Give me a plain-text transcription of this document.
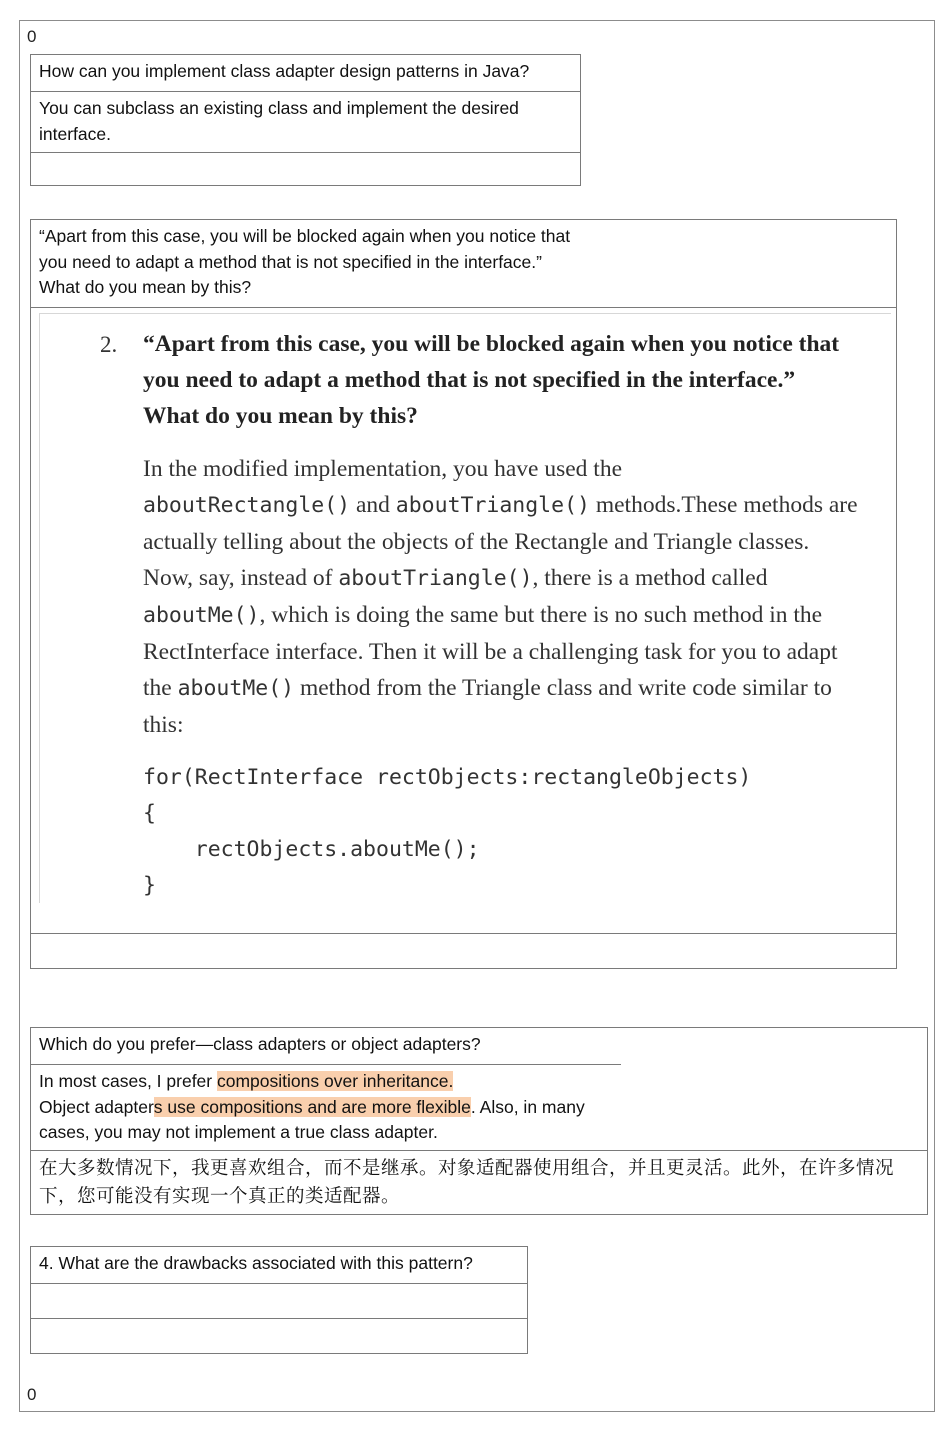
0
How can you implement class adapter design patterns in Java?
You can subclass an existing class and implement the desired interface.
“Apart from this case, you will be blocked again when you notice that you need to adapt a method that is not specified in the interface.” What do you mean by this?
2. “Apart from this case, you will be blocked again when you notice that you need to adapt a method that is not specified in the interface.” What do you mean by this?
In the modified implementation, you have used the
aboutRectangle() and aboutTriangle() methods.These methods are actually telling about the objects of the Rectangle and Triangle classes. Now, say, instead of aboutTriangle(), there is a method called aboutMe(), which is doing the same but there is no such method in the RectInterface interface. Then it will be a challenging task for you to adapt the aboutMe() method from the Triangle class and write code similar to this:
for(RectInterface rectObjects:rectangleObjects)
{
rectObjects.aboutMe();
}
Which do you prefer—class adapters or object adapters?
In most cases, I prefer compositions over inheritance.
Object adapters use compositions and are more flexible. Also, in many cases, you may not implement a true class adapter.
在大多数情况下，我更喜欢组合，而不是继承。对象适配器使用组合，并且更灵活。此外，在许多情况下，您可能没有实现一个真正的类适配器。
4. What are the drawbacks associated with this pattern?
0
